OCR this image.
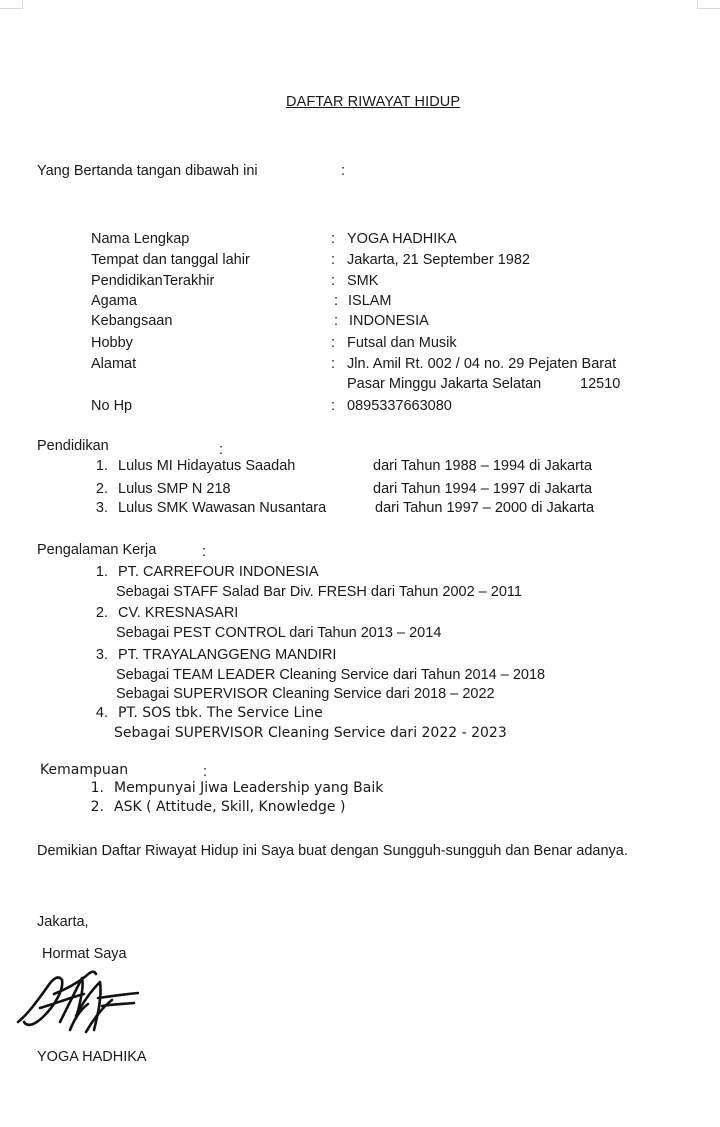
DAFTAR RIWAYAT HIDUP
Yang Bertanda tangan dibawah ini	:
Nama Lengkap	: YOGA HADHIKA
Tempat dan tanggal lahir	: Jakarta, 21 September 1982
PendidikanTerakhir	: SMK
Agama	: ISLAM
Kebangsaan	: INDONESIA
Hobby	: Futsal dan Musik
Alamat	: Jln. Amil Rt. 002 / 04 no. 29 Pejaten Barat
Pasar Minggu Jakarta Selatan	12510
No Hp	: 0895337663080
Pendidikan	:
1. Lulus MI Hidayatus Saadah	dari Tahun 1988 – 1994 di Jakarta
2. Lulus SMP N 218	dari Tahun 1994 – 1997 di Jakarta
3. Lulus SMK Wawasan Nusantara	dari Tahun 1997 – 2000 di Jakarta
Pengalaman Kerja	:
1. PT. CARREFOUR INDONESIA
Sebagai STAFF Salad Bar Div. FRESH dari Tahun 2002 – 2011
2. CV. KRESNASARI
Sebagai PEST CONTROL dari Tahun 2013 – 2014
3. PT. TRAYALANGGENG MANDIRI
Sebagai TEAM LEADER Cleaning Service dari Tahun 2014 – 2018
Sebagai SUPERVISOR Cleaning Service dari 2018 – 2022
4. PT. SOS tbk. The Service Line
Sebagai SUPERVISOR Cleaning Service dari 2022 - 2023
Kemampuan	:
1. Mempunyai Jiwa Leadership yang Baik
2. ASK ( Attitude, Skill, Knowledge )
Demikian Daftar Riwayat Hidup ini Saya buat dengan Sungguh-sungguh dan Benar adanya.
Jakarta,
Hormat Saya
YOGA HADHIKA
